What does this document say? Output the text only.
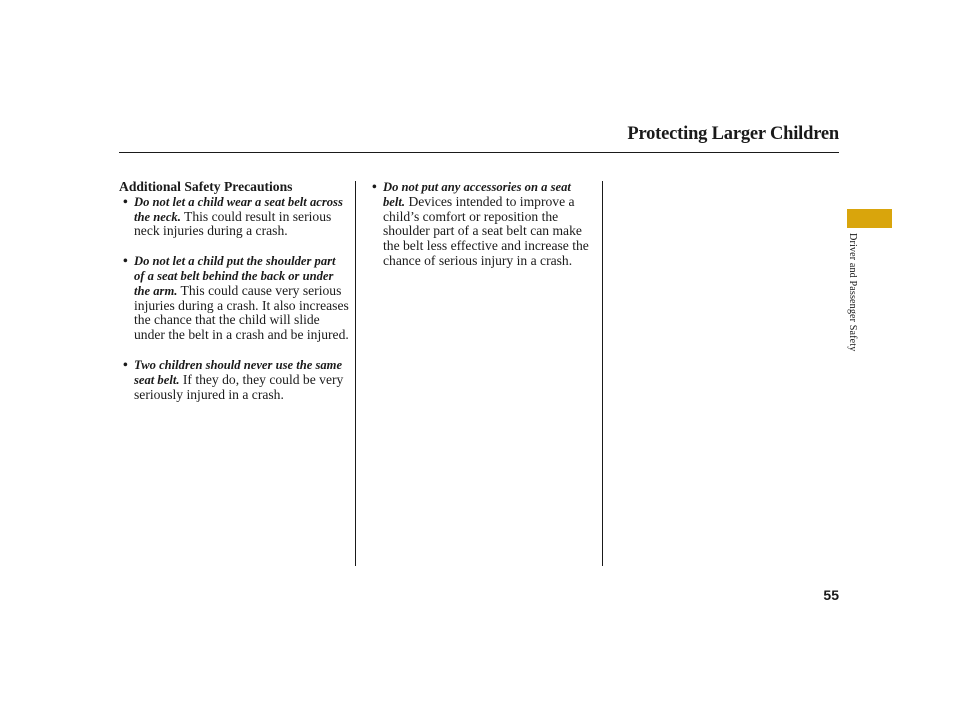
Protecting Larger Children
Additional Safety Precautions

• Do not let a child wear a seat belt across the neck. This could result in serious neck injuries during a crash.

• Do not let a child put the shoulder part of a seat belt behind the back or under the arm. This could cause very serious injuries during a crash. It also increases the chance that the child will slide under the belt in a crash and be injured.

• Two children should never use the same seat belt. If they do, they could be very seriously injured in a crash.

• Do not put any accessories on a seat belt. Devices intended to improve a child’s comfort or reposition the shoulder part of a seat belt can make the belt less effective and increase the chance of serious injury in a crash.	Driver and Passenger Safety
55
